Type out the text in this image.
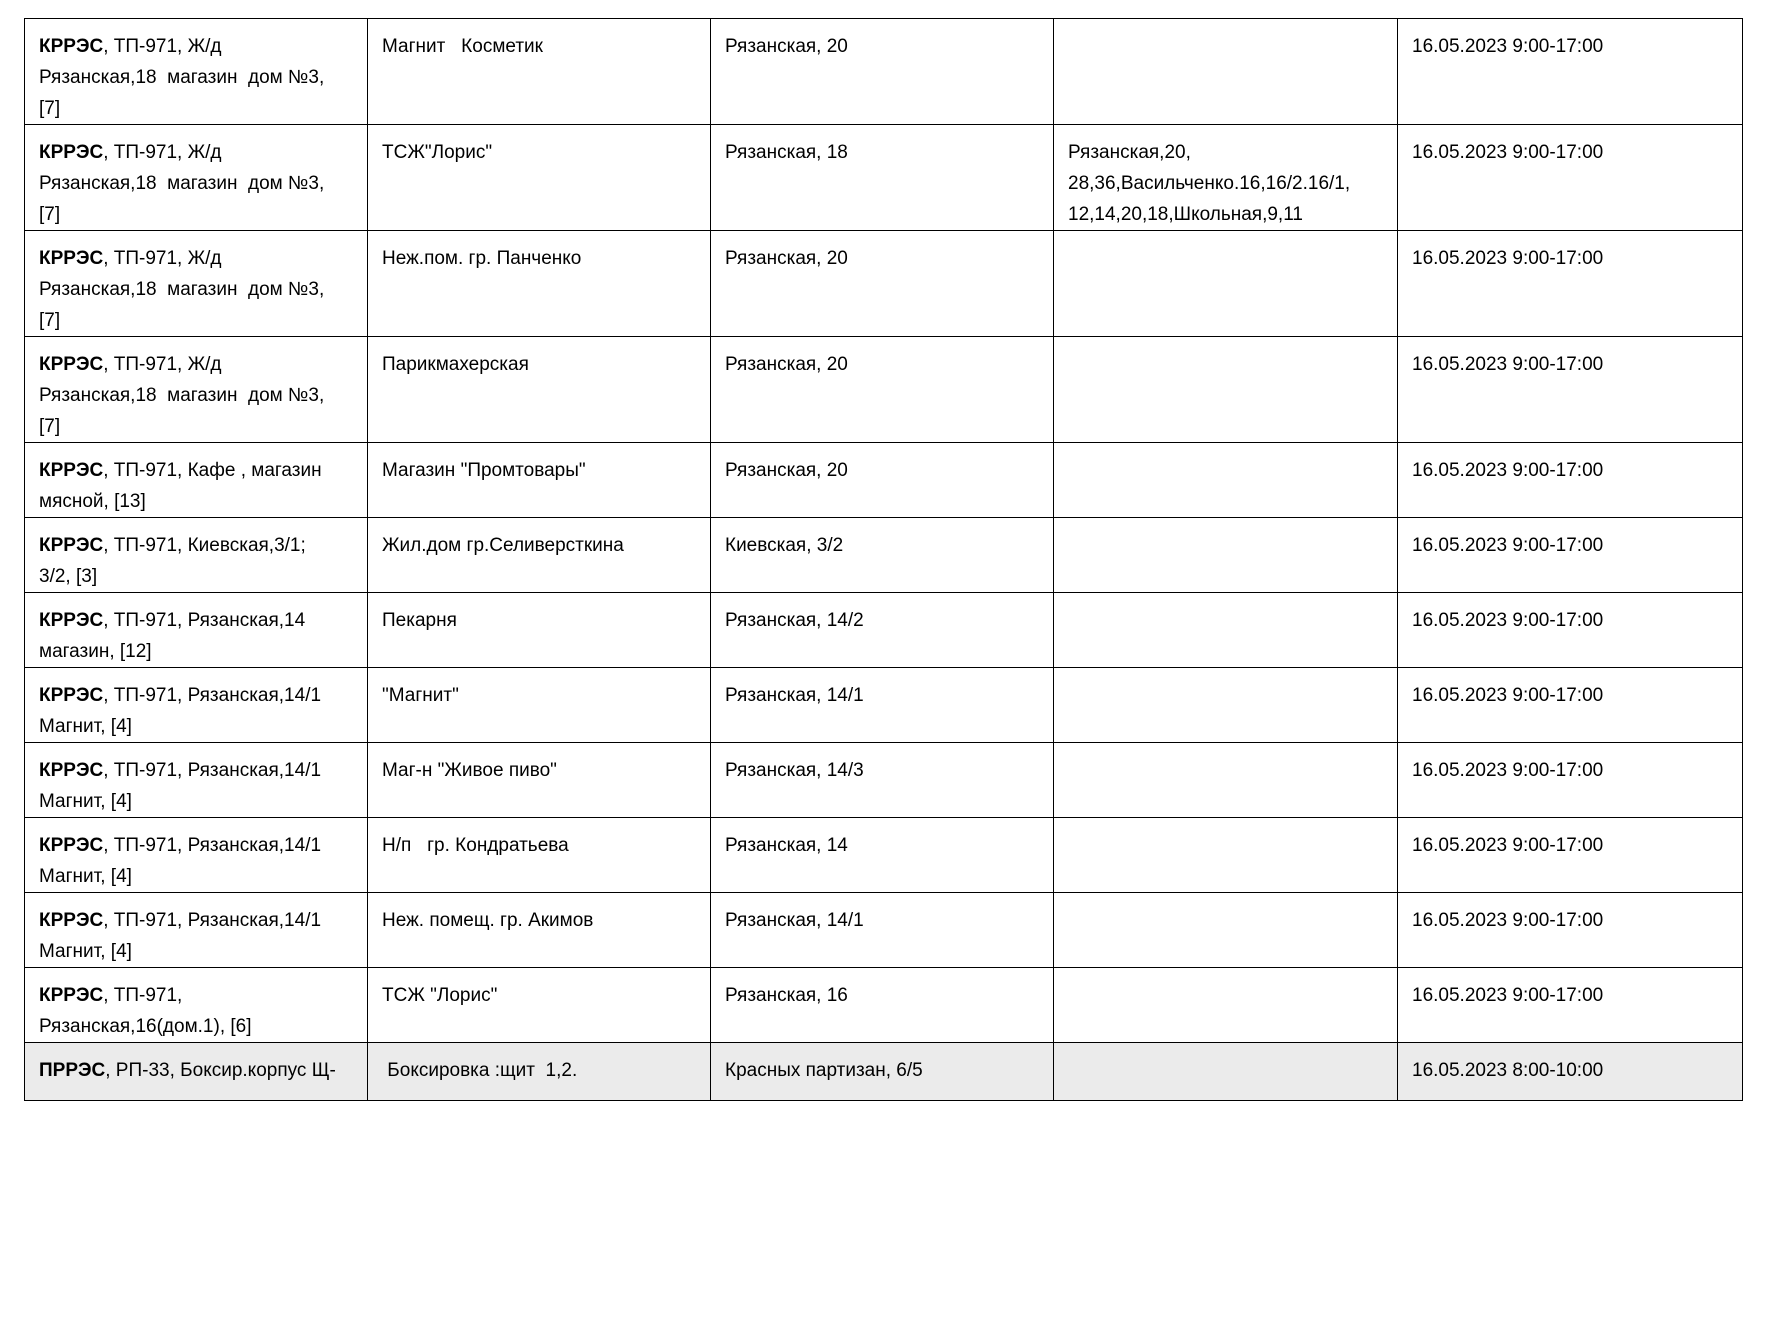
КРРЭС, ТП-971, Ж/д
Рязанская,18  магазин  дом №3,
[7]	Магнит   Косметик	Рязанская, 20		16.05.2023 9:00-17:00
КРРЭС, ТП-971, Ж/д
Рязанская,18  магазин  дом №3,
[7]	ТСЖ"Лорис"	Рязанская, 18	Рязанская,20,
28,36,Васильченко.16,16/2.16/1,
12,14,20,18,Школьная,9,11	16.05.2023 9:00-17:00
КРРЭС, ТП-971, Ж/д
Рязанская,18  магазин  дом №3,
[7]	Неж.пом. гр. Панченко	Рязанская, 20		16.05.2023 9:00-17:00
КРРЭС, ТП-971, Ж/д
Рязанская,18  магазин  дом №3,
[7]	Парикмахерская	Рязанская, 20		16.05.2023 9:00-17:00
КРРЭС, ТП-971, Кафе , магазин
мясной, [13]	Магазин "Промтовары"	Рязанская, 20		16.05.2023 9:00-17:00
КРРЭС, ТП-971, Киевская,3/1;
3/2, [3]	Жил.дом гр.Селиверсткина	Киевская, 3/2		16.05.2023 9:00-17:00
КРРЭС, ТП-971, Рязанская,14
магазин, [12]	Пекарня	Рязанская, 14/2		16.05.2023 9:00-17:00
КРРЭС, ТП-971, Рязанская,14/1
Магнит, [4]	"Магнит"	Рязанская, 14/1		16.05.2023 9:00-17:00
КРРЭС, ТП-971, Рязанская,14/1
Магнит, [4]	Маг-н "Живое пиво"	Рязанская, 14/3		16.05.2023 9:00-17:00
КРРЭС, ТП-971, Рязанская,14/1
Магнит, [4]	Н/п   гр. Кондратьева	Рязанская, 14		16.05.2023 9:00-17:00
КРРЭС, ТП-971, Рязанская,14/1
Магнит, [4]	Неж. помещ. гр. Акимов	Рязанская, 14/1		16.05.2023 9:00-17:00
КРРЭС, ТП-971,
Рязанская,16(дом.1), [6]	ТСЖ "Лорис"	Рязанская, 16		16.05.2023 9:00-17:00
ПРРЭС, РП-33, Боксир.корпус Щ-	Боксировка :щит  1,2.	Красных партизан, 6/5		16.05.2023 8:00-10:00
